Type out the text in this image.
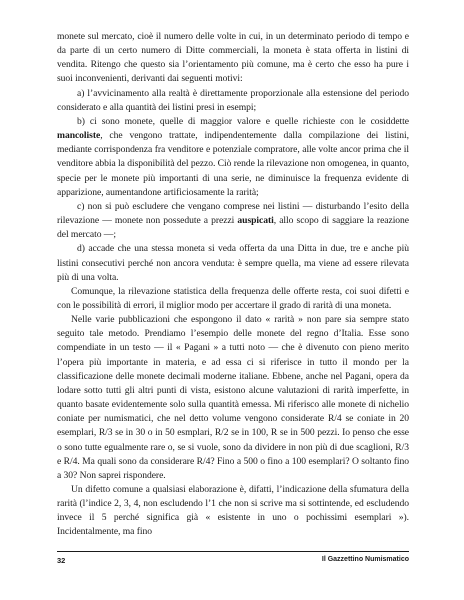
monete sul mercato, cioè il numero delle volte in cui, in un determinato periodo di tempo e da parte di un certo numero di Ditte commerciali, la moneta è stata offerta in listini di vendita. Ritengo che questo sia l’orientamento più comune, ma è certo che esso ha pure i suoi inconvenienti, derivanti dai seguenti motivi:

a) l’avvicinamento alla realtà è direttamente proporzionale alla estensione del periodo considerato e alla quantità dei listini presi in esempi;

b) ci sono monete, quelle di maggior valore e quelle richieste con le cosiddette mancoliste, che vengono trattate, indipendentemente dalla compilazione dei listini, mediante corrispondenza fra venditore e potenziale compratore, alle volte ancor prima che il venditore abbia la disponibilità del pezzo. Ciò rende la rilevazione non omogenea, in quanto, specie per le monete più importanti di una serie, ne diminuisce la frequenza evidente di apparizione, aumentandone artificiosamente la rarità;

c) non si può escludere che vengano comprese nei listini — disturbando l’esito della rilevazione — monete non possedute a prezzi auspicati, allo scopo di saggiare la reazione del mercato —;

d) accade che una stessa moneta si veda offerta da una Ditta in due, tre e anche più listini consecutivi perché non ancora venduta: è sempre quella, ma viene ad essere rilevata più di una volta.

Comunque, la rilevazione statistica della frequenza delle offerte resta, coi suoi difetti e con le possibilità di errori, il miglior modo per accertare il grado di rarità di una moneta.

Nelle varie pubblicazioni che espongono il dato « rarità » non pare sia sempre stato seguito tale metodo. Prendiamo l’esempio delle monete del regno d’Italia. Esse sono compendiate in un testo — il « Pagani » a tutti noto — che è divenuto con pieno merito l’opera più importante in materia, e ad essa ci si riferisce in tutto il mondo per la classificazione delle monete decimali moderne italiane. Ebbene, anche nel Pagani, opera da lodare sotto tutti gli altri punti di vista, esistono alcune valutazioni di rarità imperfette, in quanto basate evidentemente solo sulla quantità emessa. Mi riferisco alle monete di nichelio coniate per numismatici, che nel detto volume vengono considerate R/4 se coniate in 20 esemplari, R/3 se in 30 o in 50 esmplari, R/2 se in 100, R se in 500 pezzi. Io penso che esse o sono tutte egualmente rare o, se si vuole, sono da dividere in non più di due scaglioni, R/3 e R/4. Ma quali sono da considerare R/4? Fino a 500 o fino a 100 esemplari? O soltanto fino a 30? Non saprei rispondere.

Un difetto comune a qualsiasi elaborazione è, difatti, l’indicazione della sfumatura della rarità (l’indice 2, 3, 4, non escludendo l’1 che non si scrive ma si sottintende, ed escludendo invece il 5 perché significa già « esistente in uno o pochissimi esemplari »). Incidentalmente, ma fino

32	Il Gazzettino Numismatico
